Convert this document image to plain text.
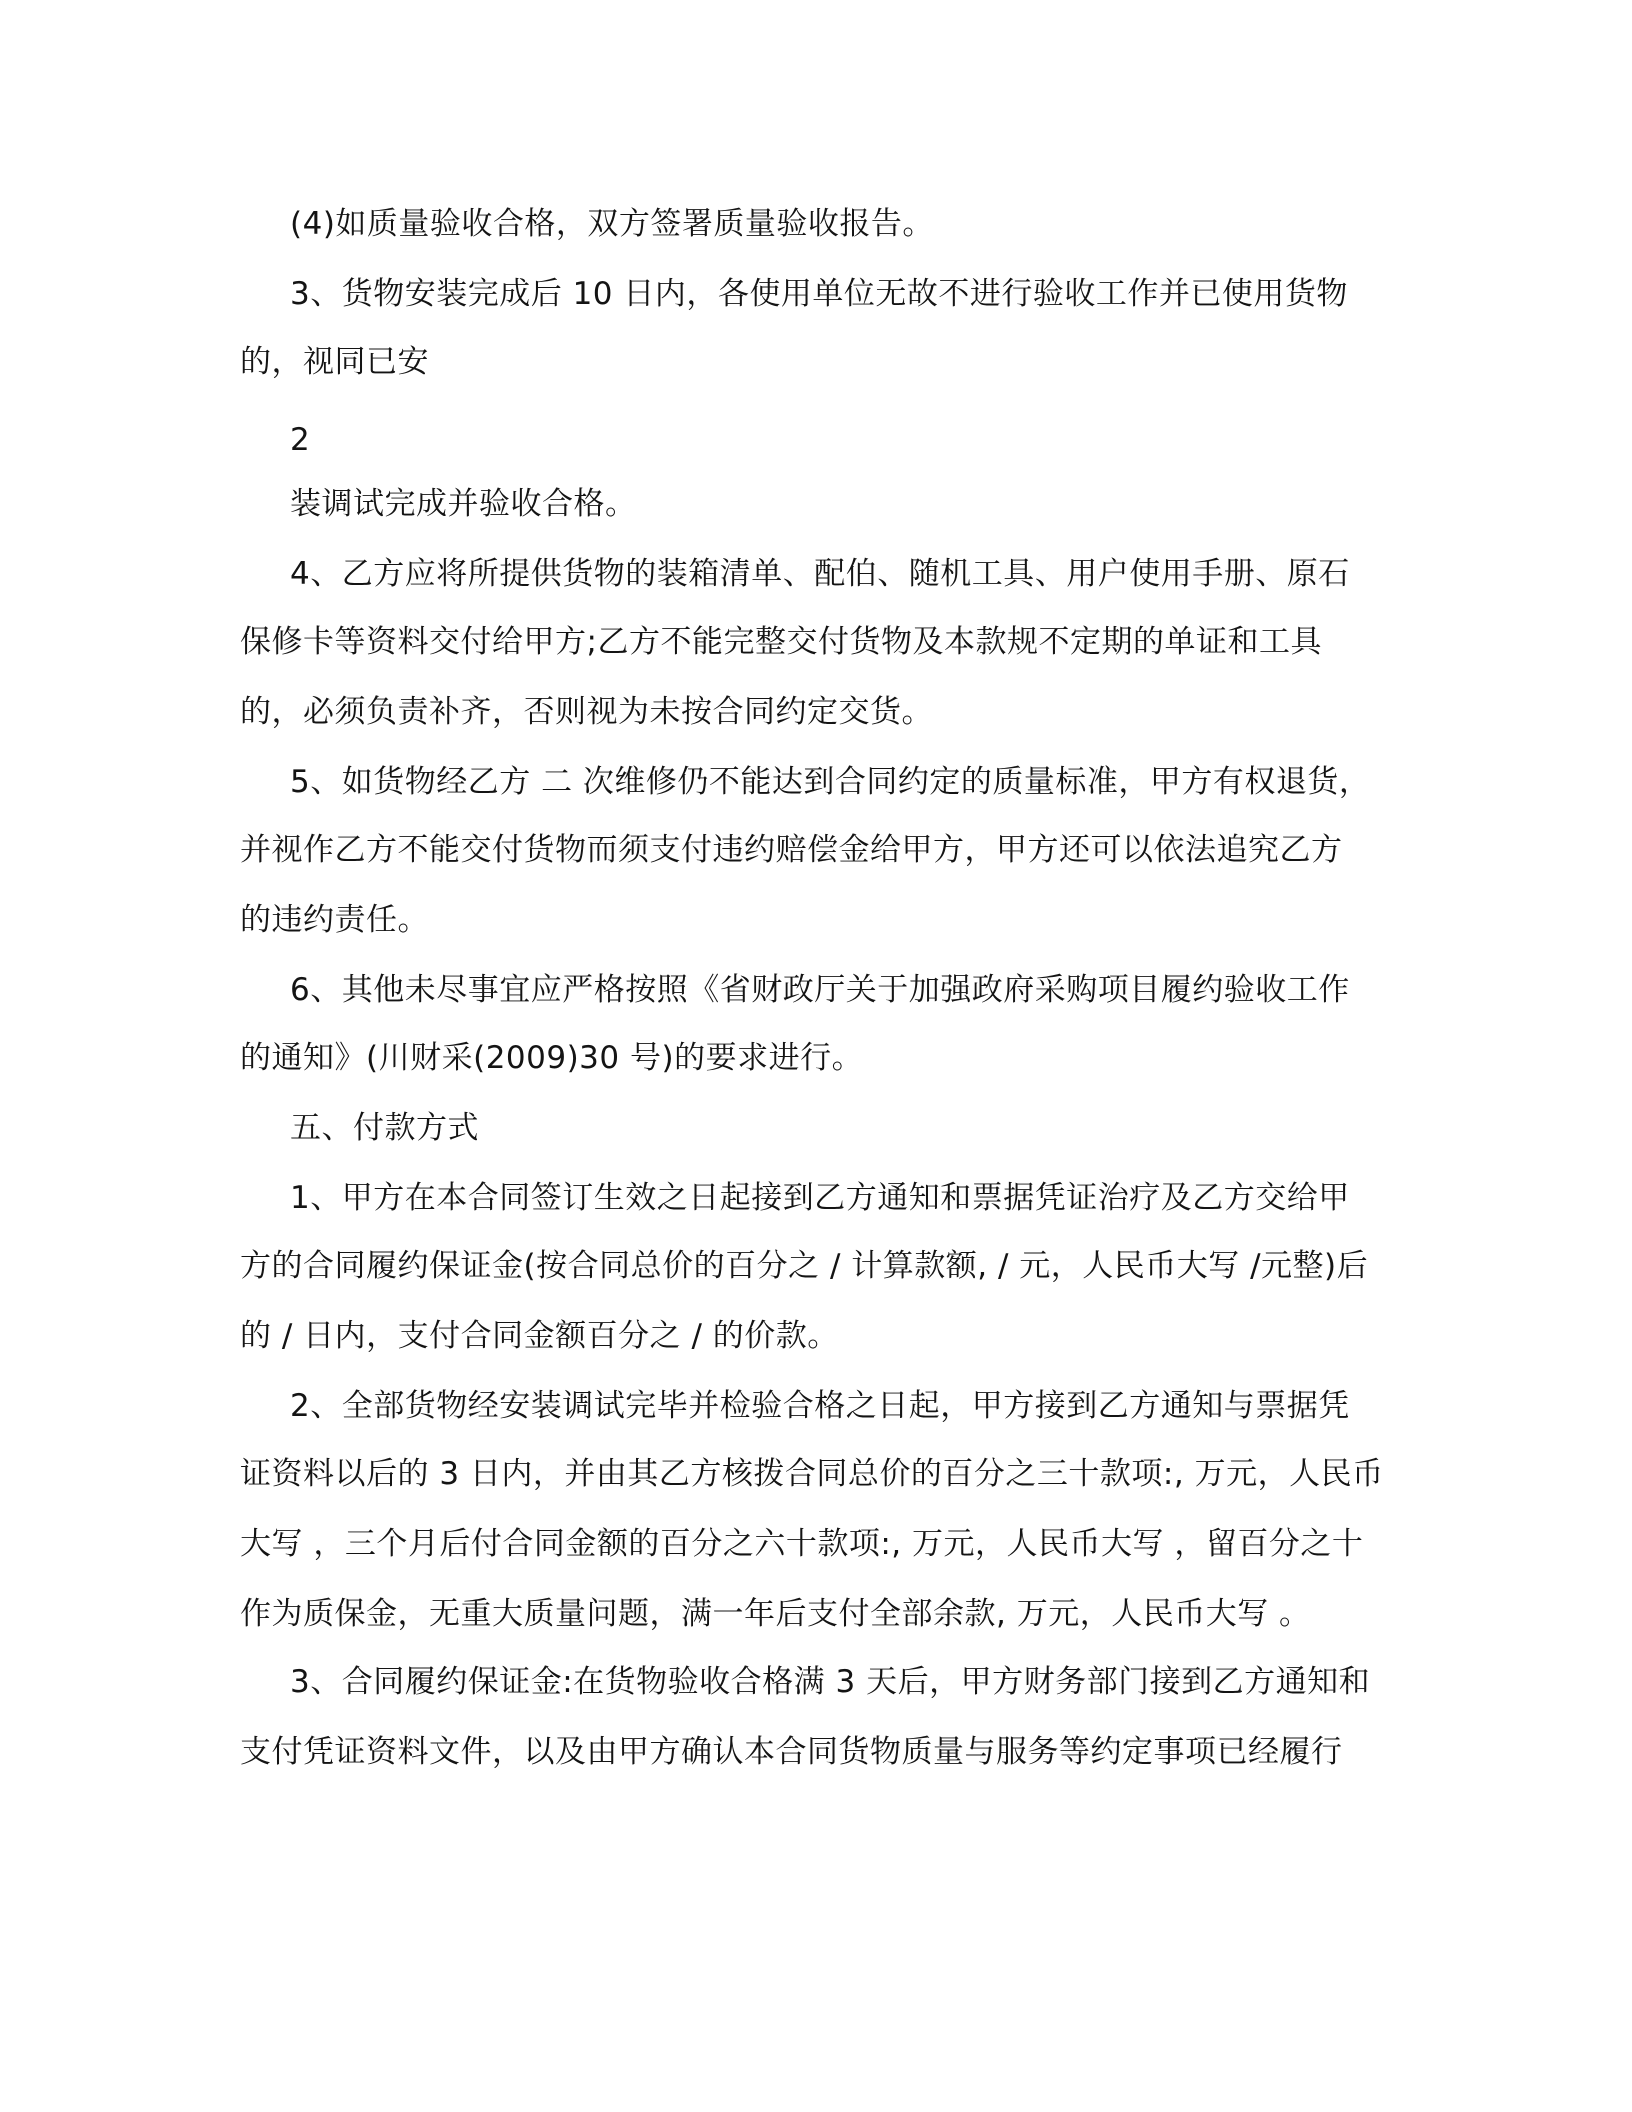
(4)如质量验收合格，双方签署质量验收报告。
3、货物安装完成后 10 日内，各使用单位无故不进行验收工作并已使用货物
的，视同已安
2
装调试完成并验收合格。
4、乙方应将所提供货物的装箱清单、配伯、随机工具、用户使用手册、原石
保修卡等资料交付给甲方;乙方不能完整交付货物及本款规不定期的单证和工具
的，必须负责补齐，否则视为未按合同约定交货。
5、如货物经乙方 二 次维修仍不能达到合同约定的质量标准，甲方有权退货，
并视作乙方不能交付货物而须支付违约赔偿金给甲方，甲方还可以依法追究乙方
的违约责任。
6、其他未尽事宜应严格按照《省财政厅关于加强政府采购项目履约验收工作
的通知》(川财采(2009)30 号)的要求进行。
五、付款方式
1、甲方在本合同签订生效之日起接到乙方通知和票据凭证治疗及乙方交给甲
方的合同履约保证金(按合同总价的百分之 / 计算款额, / 元，人民币大写 /元整)后
的 / 日内，支付合同金额百分之 / 的价款。
2、全部货物经安装调试完毕并检验合格之日起，甲方接到乙方通知与票据凭
证资料以后的 3 日内，并由其乙方核拨合同总价的百分之三十款项:, 万元，人民币
大写 ，三个月后付合同金额的百分之六十款项:, 万元，人民币大写 ，留百分之十
作为质保金，无重大质量问题，满一年后支付全部余款, 万元，人民币大写 。
3、合同履约保证金:在货物验收合格满 3 天后，甲方财务部门接到乙方通知和
支付凭证资料文件，以及由甲方确认本合同货物质量与服务等约定事项已经履行
